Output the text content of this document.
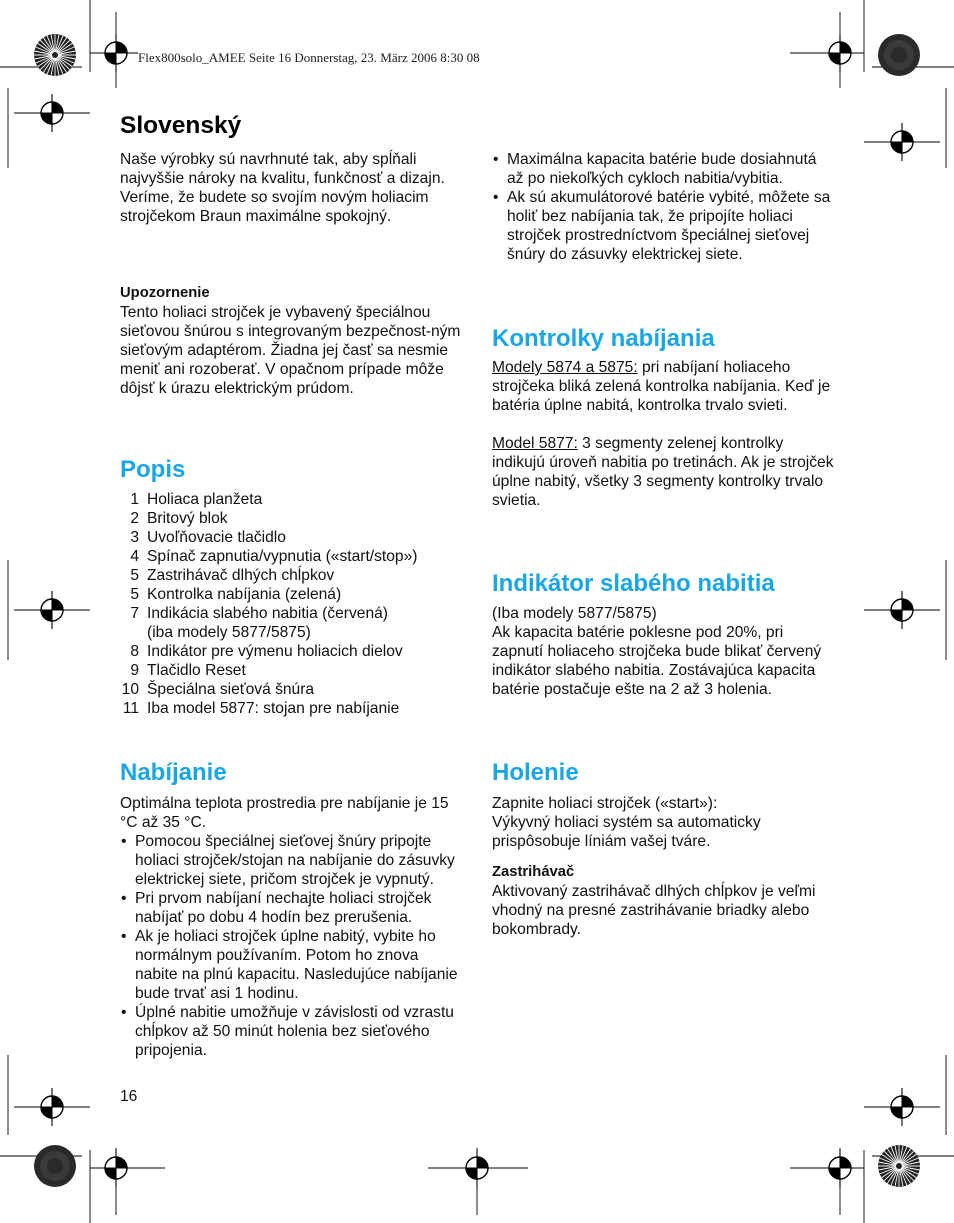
Flex800solo_AMEE Seite 16 Donnerstag, 23. März 2006 8:30 08
Slovenský

Naše výrobky sú navrhnuté tak, aby spĺňali najvyššie nároky na kvalitu, funkčnosť a dizajn. Veríme, že budete so svojím novým holiacim strojčekom Braun maximálne spokojný.

Upozornenie

Tento holiaci strojček je vybavený špeciálnou sieťovou šnúrou s integrovaným bezpečnost-ným sieťovým adaptérom. Žiadna jej časť sa nesmie meniť ani rozoberať. V opačnom prípade môže dôjsť k úrazu elektrickým prúdom.

Popis
1 Holiaca planžeta
2 Britový blok
3 Uvoľňovacie tlačidlo
4 Spínač zapnutia/vypnutia («start/stop»)
5 Zastrihávač dlhých chĺpkov
5 Kontrolka nabíjania (zelená)
7 Indikácia slabého nabitia (červená) (iba modely 5877/5875)
8 Indikátor pre výmenu holiacich dielov
9 Tlačidlo Reset
10 Špeciálna sieťová šnúra
11 Iba model 5877: stojan pre nabíjanie
Nabíjanie

Optimálna teplota prostredia pre nabíjanie je 15 °C až 35 °C.

• Pomocou špeciálnej sieťovej šnúry pripojte holiaci strojček/stojan na nabíjanie do zásuvky elektrickej siete, pričom strojček je vypnutý.
• Pri prvom nabíjaní nechajte holiaci strojček nabíjať po dobu 4 hodín bez prerušenia.
• Ak je holiaci strojček úplne nabitý, vybite ho normálnym používaním. Potom ho znova nabite na plnú kapacitu. Nasledujúce nabíjanie bude trvať asi 1 hodinu.
• Úplné nabitie umožňuje v závislosti od vzrastu chĺpkov až 50 minút holenia bez sieťového pripojenia.
• Maximálna kapacita batérie bude dosiahnutá až po niekoľkých cykloch nabitia/vybitia.
• Ak sú akumulátorové batérie vybité, môžete sa holiť bez nabíjania tak, že pripojíte holiaci strojček prostredníctvom špeciálnej sieťovej šnúry do zásuvky elektrickej siete.
Kontrolky nabíjania

Modely 5874 a 5875: pri nabíjaní holiaceho strojčeka bliká zelená kontrolka nabíjania. Keď je batéria úplne nabitá, kontrolka trvalo svieti.

Model 5877: 3 segmenty zelenej kontrolky indikujú úroveň nabitia po tretinách. Ak je strojček úplne nabitý, všetky 3 segmenty kontrolky trvalo svietia.

Indikátor slabého nabitia

(Iba modely 5877/5875)

Ak kapacita batérie poklesne pod 20%, pri zapnutí holiaceho strojčeka bude blikať červený indikátor slabého nabitia. Zostávajúca kapacita batérie postačuje ešte na 2 až 3 holenia.

Holenie

Zapnite holiaci strojček («start»): Výkyvný holiaci systém sa automaticky prispôsobuje líniám vašej tváre.

Zastrihávač

Aktivovaný zastrihávač dlhých chĺpkov je veľmi vhodný na presné zastrihávanie briadky alebo bokombrady.

16
